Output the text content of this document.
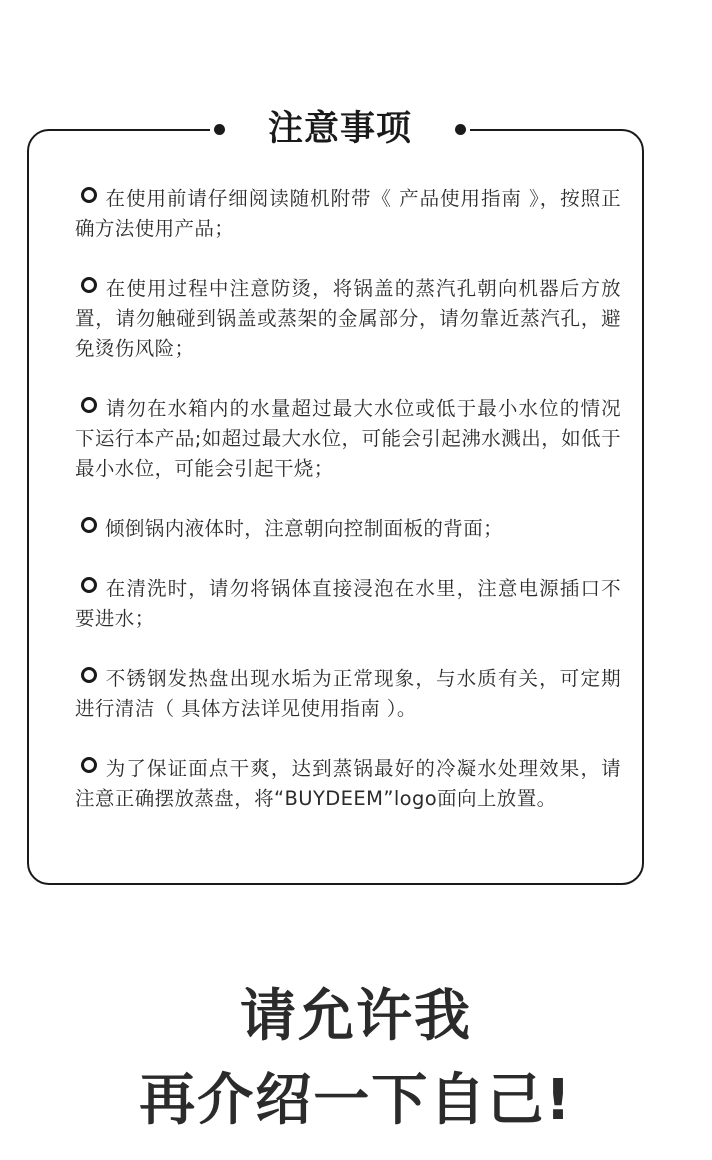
注意事项
在使用前请仔细阅读随机附带《 产品使用指南 》，按照正确方法使用产品；
在使用过程中注意防烫，将锅盖的蒸汽孔朝向机器后方放置，请勿触碰到锅盖或蒸架的金属部分，请勿靠近蒸汽孔，避免烫伤风险；
请勿在水箱内的水量超过最大水位或低于最小水位的情况下运行本产品;如超过最大水位，可能会引起沸水溅出，如低于最小水位，可能会引起干烧；
倾倒锅内液体时，注意朝向控制面板的背面；
在清洗时，请勿将锅体直接浸泡在水里，注意电源插口不要进水；
不锈钢发热盘出现水垢为正常现象，与水质有关，可定期进行清洁（ 具体方法详见使用指南 ）。
为了保证面点干爽，达到蒸锅最好的冷凝水处理效果，请注意正确摆放蒸盘，将“BUYDEEM”logo面向上放置。
请允许我
再介绍一下自己!
